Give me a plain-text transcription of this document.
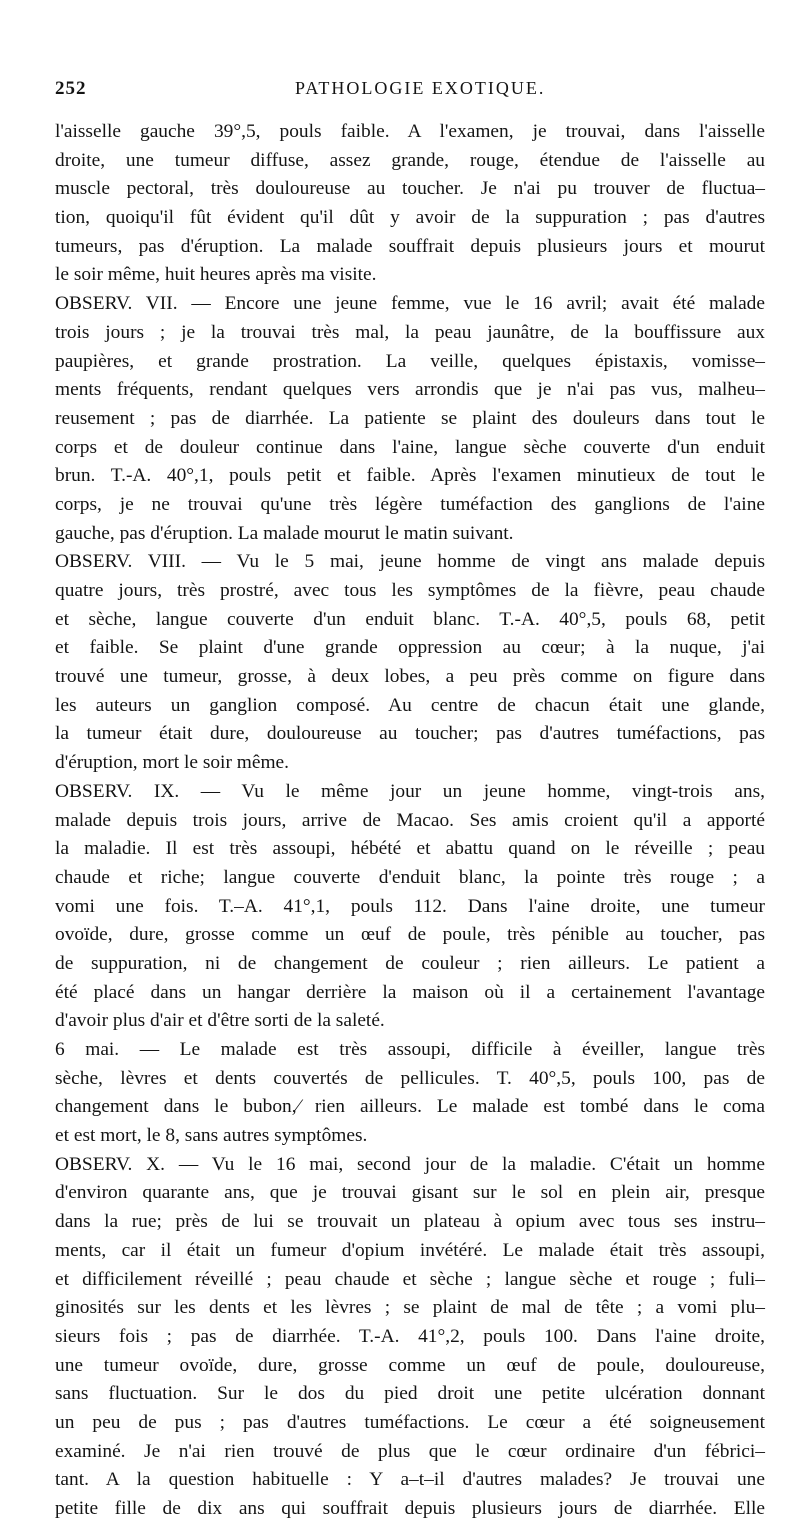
252	PATHOLOGIE EXOTIQUE.
l'aisselle gauche 39°,5, pouls faible. A l'examen, je trouvai, dans l'aisselle
droite, une tumeur diffuse, assez grande, rouge, étendue de l'aisselle au
muscle pectoral, très douloureuse au toucher. Je n'ai pu trouver de fluctua–
tion, quoiqu'il fût évident qu'il dût y avoir de la suppuration ; pas d'autres
tumeurs, pas d'éruption. La malade souffrait depuis plusieurs jours et mourut
le soir même, huit heures après ma visite.
OBSERV. VII. — Encore une jeune femme, vue le 16 avril; avait été malade
trois jours ; je la trouvai très mal, la peau jaunâtre, de la bouffissure aux
paupières, et grande prostration. La veille, quelques épistaxis, vomisse–
ments fréquents, rendant quelques vers arrondis que je n'ai pas vus, malheu–
reusement ; pas de diarrhée. La patiente se plaint des douleurs dans tout le
corps et de douleur continue dans l'aine, langue sèche couverte d'un enduit
brun. T.-A. 40°,1, pouls petit et faible. Après l'examen minutieux de tout le
corps, je ne trouvai qu'une très légère tuméfaction des ganglions de l'aine
gauche, pas d'éruption. La malade mourut le matin suivant.
OBSERV. VIII. — Vu le 5 mai, jeune homme de vingt ans malade depuis
quatre jours, très prostré, avec tous les symptômes de la fièvre, peau chaude
et sèche, langue couverte d'un enduit blanc. T.-A. 40°,5, pouls 68, petit
et faible. Se plaint d'une grande oppression au cœur; à la nuque, j'ai
trouvé une tumeur, grosse, à deux lobes, a peu près comme on figure dans
les auteurs un ganglion composé. Au centre de chacun était une glande,
la tumeur était dure, douloureuse au toucher; pas d'autres tuméfactions, pas
d'éruption, mort le soir même.
OBSERV. IX. — Vu le même jour un jeune homme, vingt-trois ans,
malade depuis trois jours, arrive de Macao. Ses amis croient qu'il a apporté
la maladie. Il est très assoupi, hébété et abattu quand on le réveille ; peau
chaude et riche; langue couverte d'enduit blanc, la pointe très rouge ; a
vomi une fois. T.–A. 41°,1, pouls 112. Dans l'aine droite, une tumeur
ovoïde, dure, grosse comme un œuf de poule, très pénible au toucher, pas
de suppuration, ni de changement de couleur ; rien ailleurs. Le patient a
été placé dans un hangar derrière la maison où il a certainement l'avantage
d'avoir plus d'air et d'être sorti de la saleté.
6 mai. — Le malade est très assoupi, difficile à éveiller, langue très
sèche, lèvres et dents couvertés de pellicules. T. 40°,5, pouls 100, pas de
changement dans le bubon,⁄ rien ailleurs. Le malade est tombé dans le coma
et est mort, le 8, sans autres symptômes.
OBSERV. X. — Vu le 16 mai, second jour de la maladie. C'était un homme
d'environ quarante ans, que je trouvai gisant sur le sol en plein air, presque
dans la rue; près de lui se trouvait un plateau à opium avec tous ses instru–
ments, car il était un fumeur d'opium invétéré. Le malade était très assoupi,
et difficilement réveillé ; peau chaude et sèche ; langue sèche et rouge ; fuli–
ginosités sur les dents et les lèvres ; se plaint de mal de tête ; a vomi plu–
sieurs fois ; pas de diarrhée. T.-A. 41°,2, pouls 100. Dans l'aine droite,
une tumeur ovoïde, dure, grosse comme un œuf de poule, douloureuse,
sans fluctuation. Sur le dos du pied droit une petite ulcération donnant
un peu de pus ; pas d'autres tuméfactions. Le cœur a été soigneusement
examiné. Je n'ai rien trouvé de plus que le cœur ordinaire d'un fébrici–
tant. A la question habituelle : Y a–t–il d'autres malades? Je trouvai une
petite fille de dix ans qui souffrait depuis plusieurs jours de diarrhée. Elle
